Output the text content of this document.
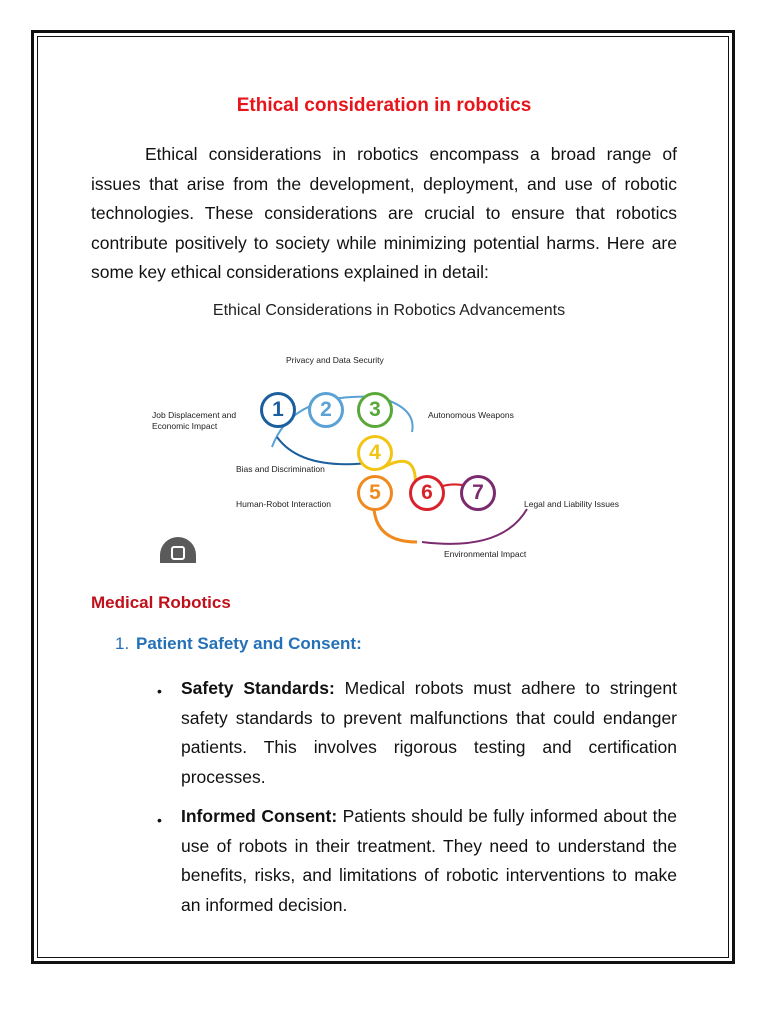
Ethical consideration in robotics
Ethical considerations in robotics encompass a broad range of issues that arise from the development, deployment, and use of robotic technologies. These considerations are crucial to ensure that robotics contribute positively to society while minimizing potential harms. Here are some key ethical considerations explained in detail:
Ethical Considerations in Robotics Advancements
1	2	3
4
5	6	7
Privacy and Data Security
Job Displacement and Economic Impact
Autonomous Weapons
Bias and Discrimination
Human-Robot Interaction	Legal and Liability Issues
Environmental Impact
Medical Robotics
1. Patient Safety and Consent:
• Safety Standards: Medical robots must adhere to stringent safety standards to prevent malfunctions that could endanger patients. This involves rigorous testing and certification processes.
• Informed Consent: Patients should be fully informed about the use of robots in their treatment. They need to understand the benefits, risks, and limitations of robotic interventions to make an informed decision.
